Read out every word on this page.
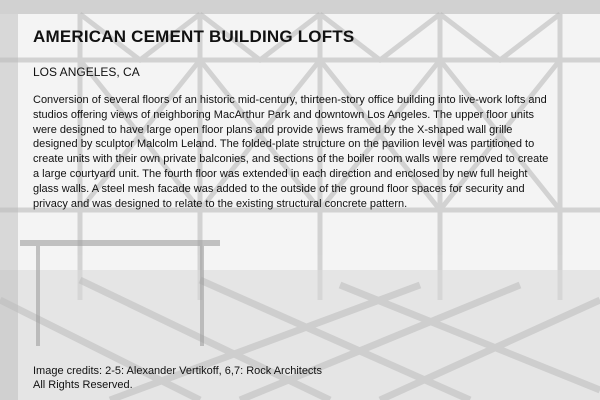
AMERICAN CEMENT BUILDING LOFTS
LOS ANGELES, CA

Conversion of several floors of an historic mid-century, thirteen-story office building into live-work lofts and studios offering views of neighboring MacArthur Park and downtown Los Angeles. The upper floor units were designed to have large open floor plans and provide views framed by the X-shaped wall grille designed by sculptor Malcolm Leland. The folded-plate structure on the pavilion level was partitioned to create units with their own private balconies, and sections of the boiler room walls were removed to create a large courtyard unit. The fourth floor was extended in each direction and enclosed by new full height glass walls. A steel mesh facade was added to the outside of the ground floor spaces for security and privacy and was designed to relate to the existing structural concrete pattern.

Image credits: 2-5: Alexander Vertikoff, 6,7: Rock Architects
All Rights Reserved.
